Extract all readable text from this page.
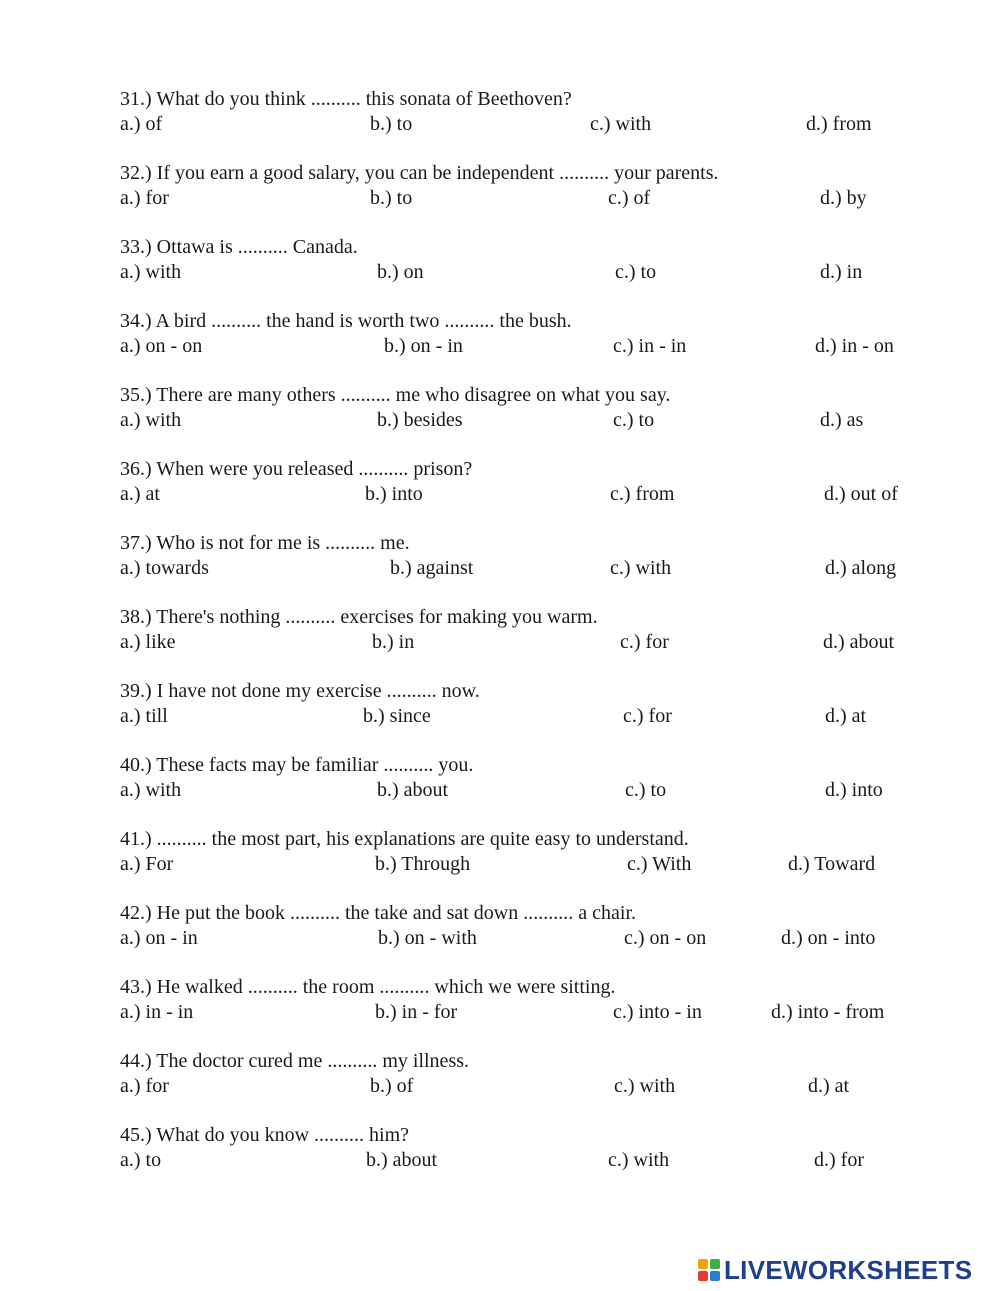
31.) What do you think .......... this sonata of Beethoven?
a.) of	b.) to	c.) with	d.) from
32.) If you earn a good salary, you can be independent .......... your parents.
a.) for	b.) to	c.) of	d.) by
33.) Ottawa is .......... Canada.
a.) with	b.) on	c.) to	d.) in
34.) A bird .......... the hand is worth two .......... the bush.
a.) on - on	b.) on - in	c.) in - in	d.) in - on
35.) There are many others .......... me who disagree on what you say.
a.) with	b.) besides	c.) to	d.) as
36.) When were you released .......... prison?
a.) at	b.) into	c.) from	d.) out of
37.) Who is not for me is .......... me.
a.) towards	b.) against	c.) with	d.) along
38.) There's nothing .......... exercises for making you warm.
a.) like	b.) in	c.) for	d.) about
39.) I have not done my exercise .......... now.
a.) till	b.) since	c.) for	d.) at
40.) These facts may be familiar .......... you.
a.) with	b.) about	c.) to	d.) into
41.) .......... the most part, his explanations are quite easy to understand.
a.) For	b.) Through	c.) With	d.) Toward
42.) He put the book .......... the take and sat down .......... a chair.
a.) on - in	b.) on - with	c.) on - on	d.) on - into
43.) He walked .......... the room .......... which we were sitting.
a.) in - in	b.) in - for	c.) into - in	d.) into - from
44.) The doctor cured me .......... my illness.
a.) for	b.) of	c.) with	d.) at
45.) What do you know .......... him?
a.) to	b.) about	c.) with	d.) for
LIVEWORKSHEETS
